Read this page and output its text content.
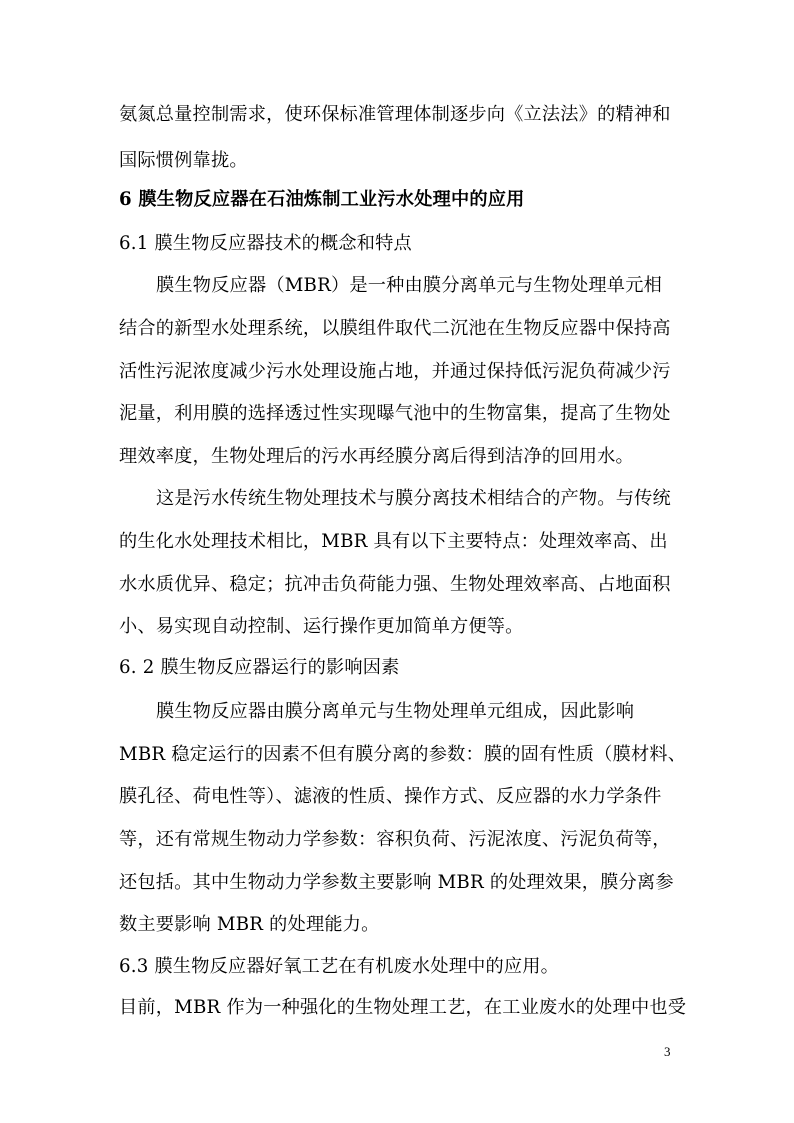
氨氮总量控制需求，使环保标准管理体制逐步向《立法法》的精神和
国际惯例靠拢。
6 膜生物反应器在石油炼制工业污水处理中的应用
6.1 膜生物反应器技术的概念和特点
膜生物反应器（MBR）是一种由膜分离单元与生物处理单元相
结合的新型水处理系统，以膜组件取代二沉池在生物反应器中保持高
活性污泥浓度减少污水处理设施占地，并通过保持低污泥负荷减少污
泥量，利用膜的选择透过性实现曝气池中的生物富集，提高了生物处
理效率度，生物处理后的污水再经膜分离后得到洁净的回用水。
这是污水传统生物处理技术与膜分离技术相结合的产物。与传统
的生化水处理技术相比，MBR 具有以下主要特点：处理效率高、出
水水质优异、稳定；抗冲击负荷能力强、生物处理效率高、占地面积
小、易实现自动控制、运行操作更加简单方便等。
6. 2 膜生物反应器运行的影响因素
膜生物反应器由膜分离单元与生物处理单元组成，因此影响
MBR 稳定运行的因素不但有膜分离的参数：膜的固有性质（膜材料、
膜孔径、荷电性等）、滤液的性质、操作方式、反应器的水力学条件
等，还有常规生物动力学参数：容积负荷、污泥浓度、污泥负荷等，
还包括。其中生物动力学参数主要影响 MBR 的处理效果，膜分离参
数主要影响 MBR 的处理能力。
6.3 膜生物反应器好氧工艺在有机废水处理中的应用。
目前，MBR 作为一种强化的生物处理工艺，在工业废水的处理中也受
3
